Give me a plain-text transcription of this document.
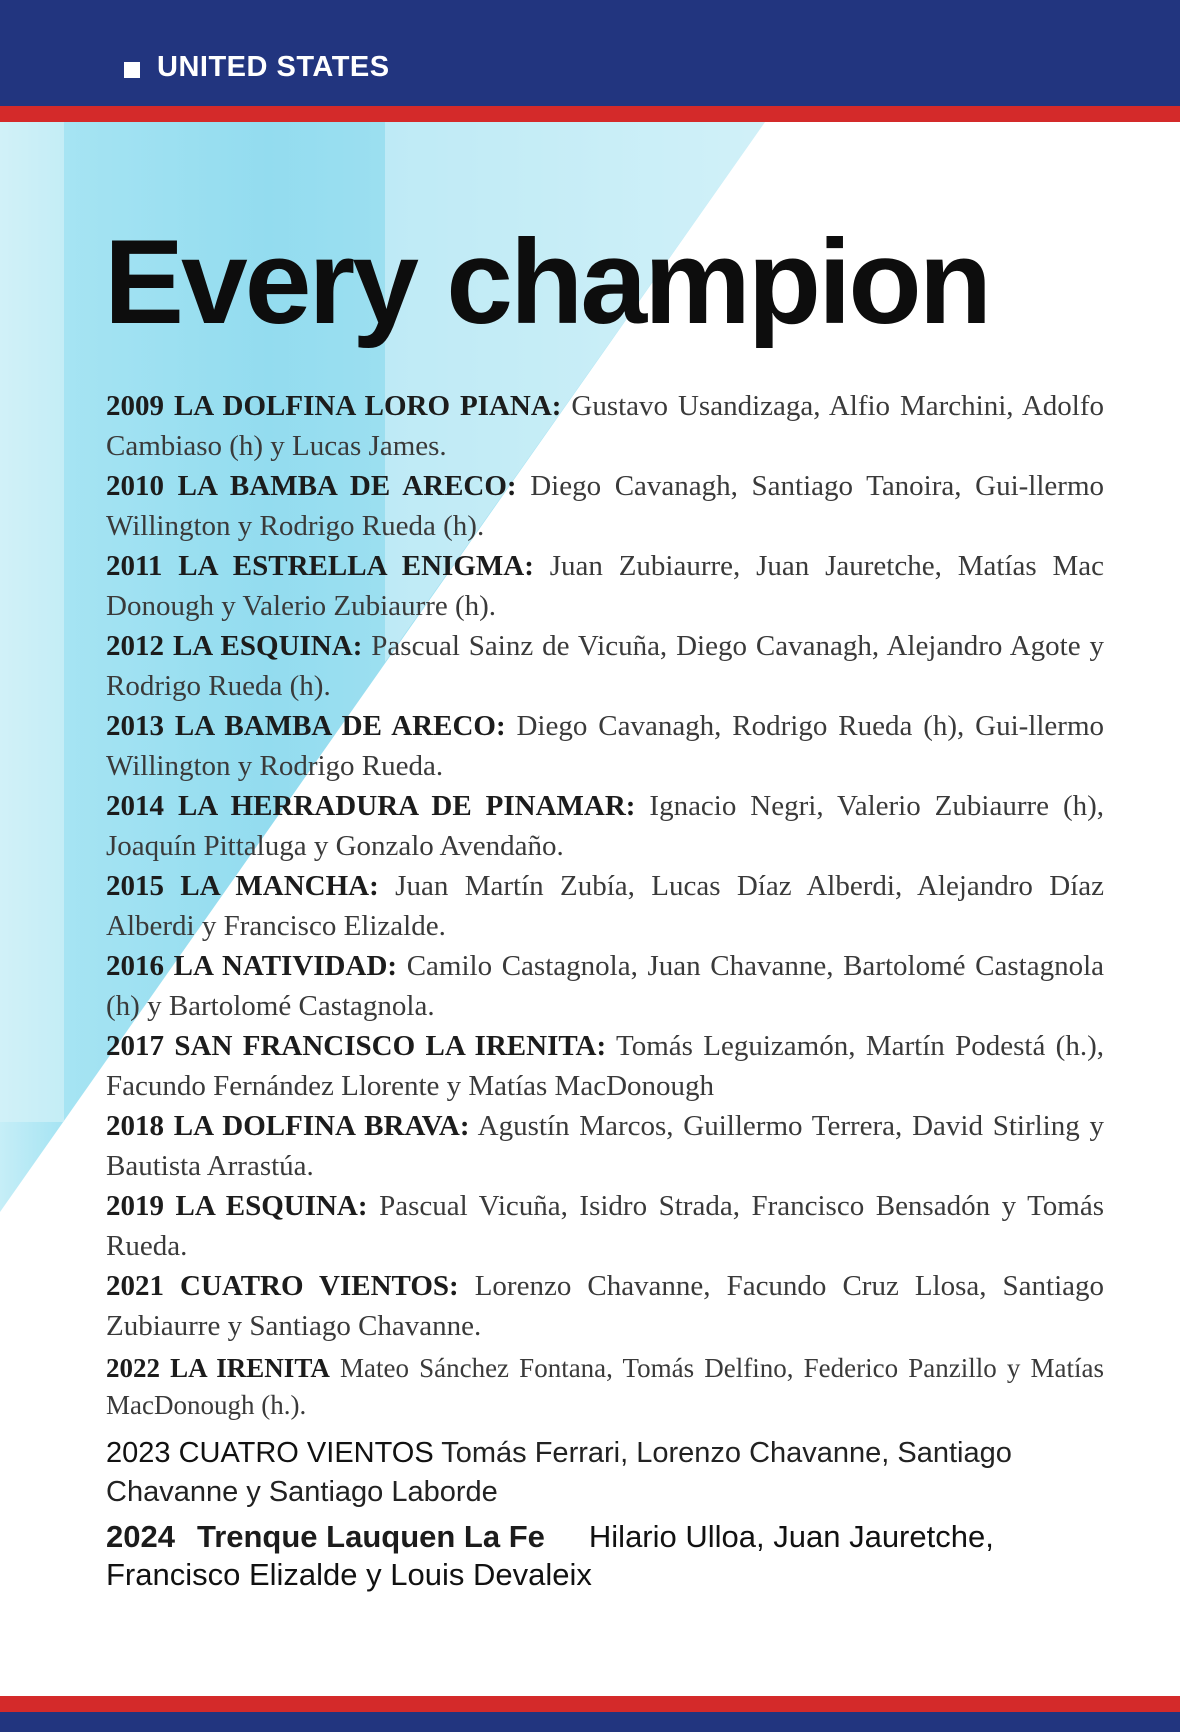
UNITED STATES
Every champion

2009 LA DOLFINA LORO PIANA: Gustavo Usandizaga, Alfio Marchini, Adolfo Cambiaso (h) y Lucas James.

2010 LA BAMBA DE ARECO: Diego Cavanagh, Santiago Tanoira, Gui-llermo Willington y Rodrigo Rueda (h).

2011 LA ESTRELLA ENIGMA: Juan Zubiaurre, Juan Jauretche, Matías Mac Donough y Valerio Zubiaurre (h).

2012 LA ESQUINA: Pascual Sainz de Vicuña, Diego Cavanagh, Alejandro Agote y Rodrigo Rueda (h).

2013 LA BAMBA DE ARECO: Diego Cavanagh, Rodrigo Rueda (h), Gui-llermo Willington y Rodrigo Rueda.

2014 LA HERRADURA DE PINAMAR: Ignacio Negri, Valerio Zubiaurre (h), Joaquín Pittaluga y Gonzalo Avendaño.

2015 LA MANCHA: Juan Martín Zubía, Lucas Díaz Alberdi, Alejandro Díaz Alberdi y Francisco Elizalde.

2016 LA NATIVIDAD: Camilo Castagnola, Juan Chavanne, Bartolomé Castagnola (h) y Bartolomé Castagnola.

2017 SAN FRANCISCO LA IRENITA: Tomás Leguizamón, Martín Podestá (h.), Facundo Fernández Llorente y Matías MacDonough

2018 LA DOLFINA BRAVA: Agustín Marcos, Guillermo Terrera, David Stirling y Bautista Arrastúa.

2019 LA ESQUINA: Pascual Vicuña, Isidro Strada, Francisco Bensadón y Tomás Rueda.

2021 CUATRO VIENTOS: Lorenzo Chavanne, Facundo Cruz Llosa, Santiago Zubiaurre y Santiago Chavanne.

2022 LA IRENITA Mateo Sánchez Fontana, Tomás Delfino, Federico Panzillo y Matías MacDonough (h.).

2023 CUATRO VIENTOS Tomás Ferrari, Lorenzo Chavanne, Santiago Chavanne y Santiago Laborde

2024 Trenque Lauquen La Fe Hilario Ulloa, Juan Jauretche, Francisco Elizalde y Louis Devaleix
